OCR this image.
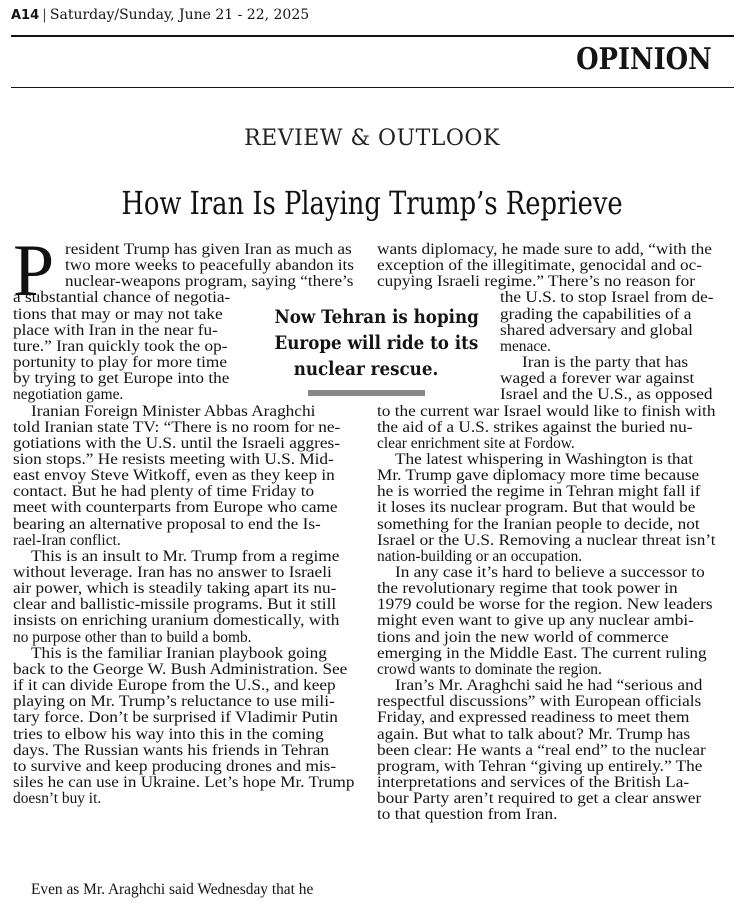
A14 | Saturday/Sunday, June 21 - 22, 2025
OPINION
REVIEW & OUTLOOK
How Iran Is Playing Trump’s Reprieve
P resident Trump has given Iran as much as
two more weeks to peacefully abandon its
nuclear-weapons program, saying “there’s
a substantial chance of negotia-
tions that may or may not take
place with Iran in the near fu-
ture.” Iran quickly took the op-
portunity to play for more time
by trying to get Europe into the
negotiation game.
Iranian Foreign Minister Abbas Araghchi
told Iranian state TV: “There is no room for ne-
gotiations with the U.S. until the Israeli aggres-
sion stops.” He resists meeting with U.S. Mid-
east envoy Steve Witkoff, even as they keep in
contact. But he had plenty of time Friday to
meet with counterparts from Europe who came
bearing an alternative proposal to end the Is-
rael-Iran conflict.
This is an insult to Mr. Trump from a regime
without leverage. Iran has no answer to Israeli
air power, which is steadily taking apart its nu-
clear and ballistic-missile programs. But it still
insists on enriching uranium domestically, with
no purpose other than to build a bomb.
This is the familiar Iranian playbook going
back to the George W. Bush Administration. See
if it can divide Europe from the U.S., and keep
playing on Mr. Trump’s reluctance to use mili-
tary force. Don’t be surprised if Vladimir Putin
tries to elbow his way into this in the coming
days. The Russian wants his friends in Tehran
to survive and keep producing drones and mis-
siles he can use in Ukraine. Let’s hope Mr. Trump
doesn’t buy it.
Even as Mr. Araghchi said Wednesday that he
wants diplomacy, he made sure to add, “with the
exception of the illegitimate, genocidal and oc-
cupying Israeli regime.” There’s no reason for
the U.S. to stop Israel from de-
grading the capabilities of a
shared adversary and global
menace.
Iran is the party that has
waged a forever war against
Israel and the U.S., as opposed
to the current war Israel would like to finish with
the aid of a U.S. strikes against the buried nu-
clear enrichment site at Fordow.
The latest whispering in Washington is that
Mr. Trump gave diplomacy more time because
he is worried the regime in Tehran might fall if
it loses its nuclear program. But that would be
something for the Iranian people to decide, not
Israel or the U.S. Removing a nuclear threat isn’t
nation-building or an occupation.
In any case it’s hard to believe a successor to
the revolutionary regime that took power in
1979 could be worse for the region. New leaders
might even want to give up any nuclear ambi-
tions and join the new world of commerce
emerging in the Middle East. The current ruling
crowd wants to dominate the region.
Iran’s Mr. Araghchi said he had “serious and
respectful discussions” with European officials
Friday, and expressed readiness to meet them
again. But what to talk about? Mr. Trump has
been clear: He wants a “real end” to the nuclear
program, with Tehran “giving up entirely.” The
interpretations and services of the British La-
bour Party aren’t required to get a clear answer
to that question from Iran.
Now Tehran is hoping
Europe will ride to its
nuclear rescue.
